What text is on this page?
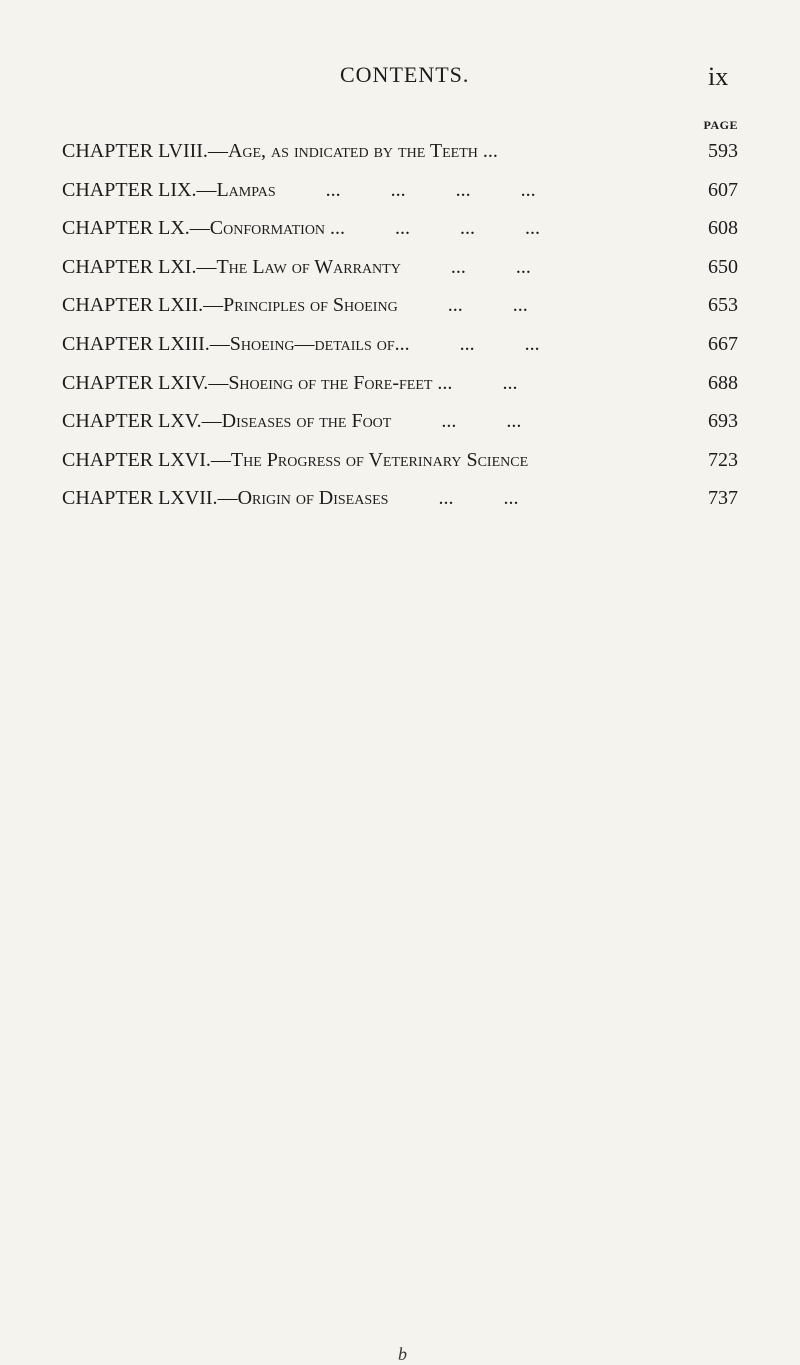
CONTENTS.	ix
PAGE
CHAPTER LVIII.—Age, as indicated by the Teeth ...	593
CHAPTER LIX.—Lampas          ...          ...          ...          ...	607
CHAPTER LX.—Conformation ...          ...          ...          ...	608
CHAPTER LXI.—The Law of Warranty          ...          ...	650
CHAPTER LXII.—Principles of Shoeing          ...          ...	653
CHAPTER LXIII.—Shoeing—details of...          ...          ...	667
CHAPTER LXIV.—Shoeing of the Fore-feet ...          ...	688
CHAPTER LXV.—Diseases of the Foot          ...          ...	693
CHAPTER LXVI.—The Progress of Veterinary Science	723
CHAPTER LXVII.—Origin of Diseases          ...          ...	737
b
